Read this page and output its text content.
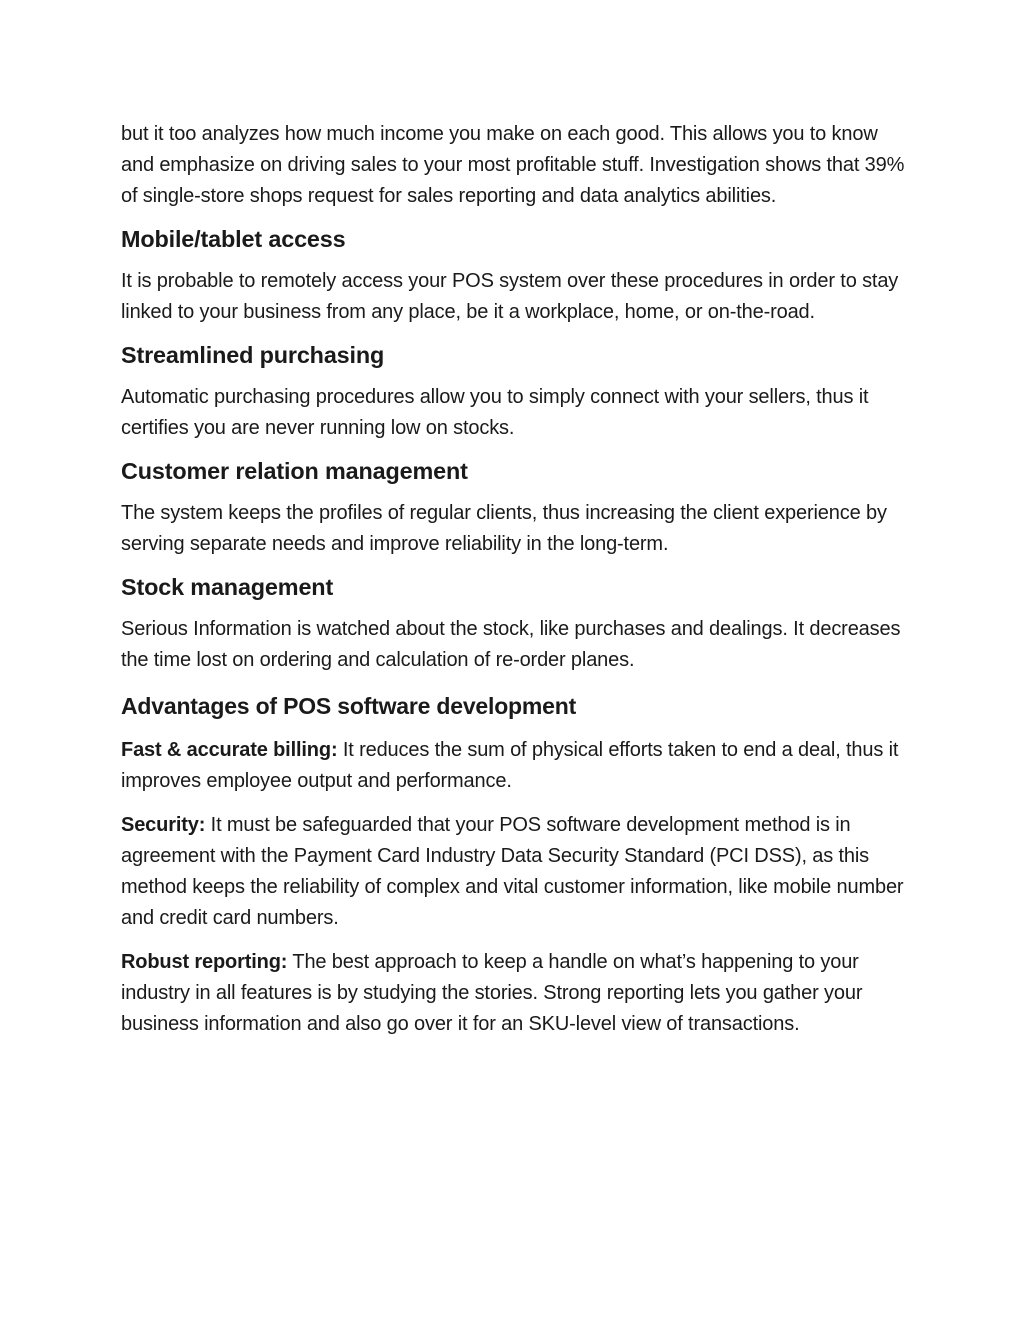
but it too analyzes how much income you make on each good. This allows you to know and emphasize on driving sales to your most profitable stuff. Investigation shows that 39% of single-store shops request for sales reporting and data analytics abilities.

Mobile/tablet access

It is probable to remotely access your POS system over these procedures in order to stay linked to your business from any place, be it a workplace, home, or on-the-road.

Streamlined purchasing

Automatic purchasing procedures allow you to simply connect with your sellers, thus it certifies you are never running low on stocks.

Customer relation management

The system keeps the profiles of regular clients, thus increasing the client experience by serving separate needs and improve reliability in the long-term.

Stock management

Serious Information is watched about the stock, like purchases and dealings. It decreases the time lost on ordering and calculation of re-order planes.

Advantages of POS software development

Fast & accurate billing: It reduces the sum of physical efforts taken to end a deal, thus it improves employee output and performance.

Security: It must be safeguarded that your POS software development method is in agreement with the Payment Card Industry Data Security Standard (PCI DSS), as this method keeps the reliability of complex and vital customer information, like mobile number and credit card numbers.

Robust reporting: The best approach to keep a handle on what’s happening to your industry in all features is by studying the stories. Strong reporting lets you gather your business information and also go over it for an SKU-level view of transactions.
